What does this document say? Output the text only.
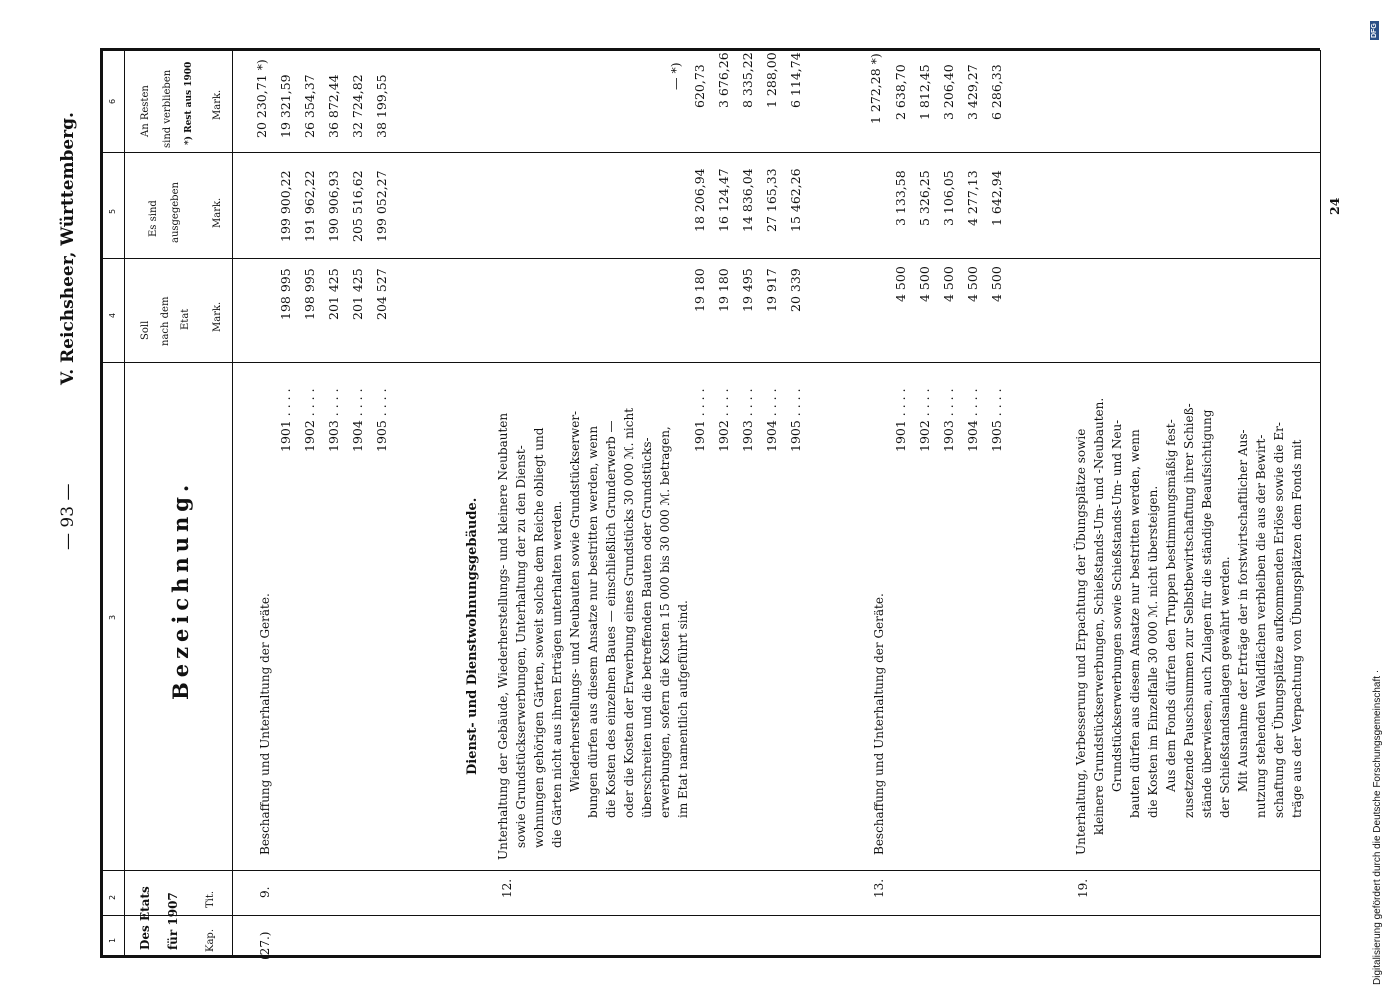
— 93 —
V. Reichsheer, Württemberg.
Digitalisierung gefördert durch die Deutsche Forschungsgemeinschaft ·
DFG
24
1
2
3
4
5
6
Des Etats für 1907	Kap.
Tit.
Bezeichnung.
Soll nach dem Etat Mark.
Es sind ausgegeben	Mark.
An Resten sind verblieben *) Rest aus 1900 Mark.
(27.)
9.
Beschaffung und Unterhaltung der Geräte.
1901 . . . . 1902 . . . . 1903 . . . . 1904 . . . . 1905 . . . .
198 995 198 995 201 425 201 425 204 527
199 900,22 191 962,22 190 906,93 205 516,62 199 052,27
20 230,71 *) 19 321,59 26 354,37 36 872,44 32 724,82 38 199,55
Dienst- und Dienstwohnungsgebäude.
12.
Unterhaltung der Gebäude, Wiederherstellungs- und kleinere Neubauten sowie Grundstückserwerbungen, Unterhaltung der zu den Dienst- wohnungen gehörigen Gärten, soweit solche dem Reiche obliegt und die Gärten nicht aus ihren Erträgen unterhalten werden. Wiederherstellungs- und Neubauten sowie Grundstückserwer- bungen dürfen aus diesem Ansatze nur bestritten werden, wenn die Kosten des einzelnen Baues — einschließlich Grunderwerb — oder die Kosten der Erwerbung eines Grundstücks 30 000 ℳ. nicht überschreiten und die betreffenden Bauten oder Grundstücks- erwerbungen, sofern die Kosten 15 000 bis 30 000 ℳ. betragen, im Etat namentlich aufgeführt sind.
— *)
1901 . . . . 1902 . . . . 1903 . . . . 1904 . . . . 1905 . . . .
19 180 19 180 19 495 19 917 20 339
18 206,94 16 124,47 14 836,04 27 165,33 15 462,26
620,73 3 676,26 8 335,22 1 288,00 6 114,74
13.
Beschaffung und Unterhaltung der Geräte.
1 272,28 *)
1901 . . . . 1902 . . . . 1903 . . . . 1904 . . . . 1905 . . . .
4 500 4 500 4 500 4 500 4 500
3 133,58 5 326,25 3 106,05 4 277,13 1 642,94
2 638,70 1 812,45 3 206,40 3 429,27 6 286,33
19.
Unterhaltung, Verbesserung und Erpachtung der Übungsplätze sowie kleinere Grundstückserwerbungen, Schießstands-Um- und -Neubauten. Grundstückserwerbungen sowie Schießstands-Um- und Neu- bauten dürfen aus diesem Ansatze nur bestritten werden, wenn die Kosten im Einzelfalle 30 000 ℳ. nicht übersteigen. Aus dem Fonds dürfen den Truppen bestimmungsmäßig fest- zusetzende Pauschsummen zur Selbstbewirtschaftung ihrer Schieß- stände überwiesen, auch Zulagen für die ständige Beaufsichtigung der Schießstandsanlagen gewährt werden. Mit Ausnahme der Erträge der in forstwirtschaftlicher Aus- nutzung stehenden Waldflächen verbleiben die aus der Bewirt- schaftung der Übungsplätze aufkommenden Erlöse sowie die Er- träge aus der Verpachtung von Übungsplätzen dem Fonds mit
